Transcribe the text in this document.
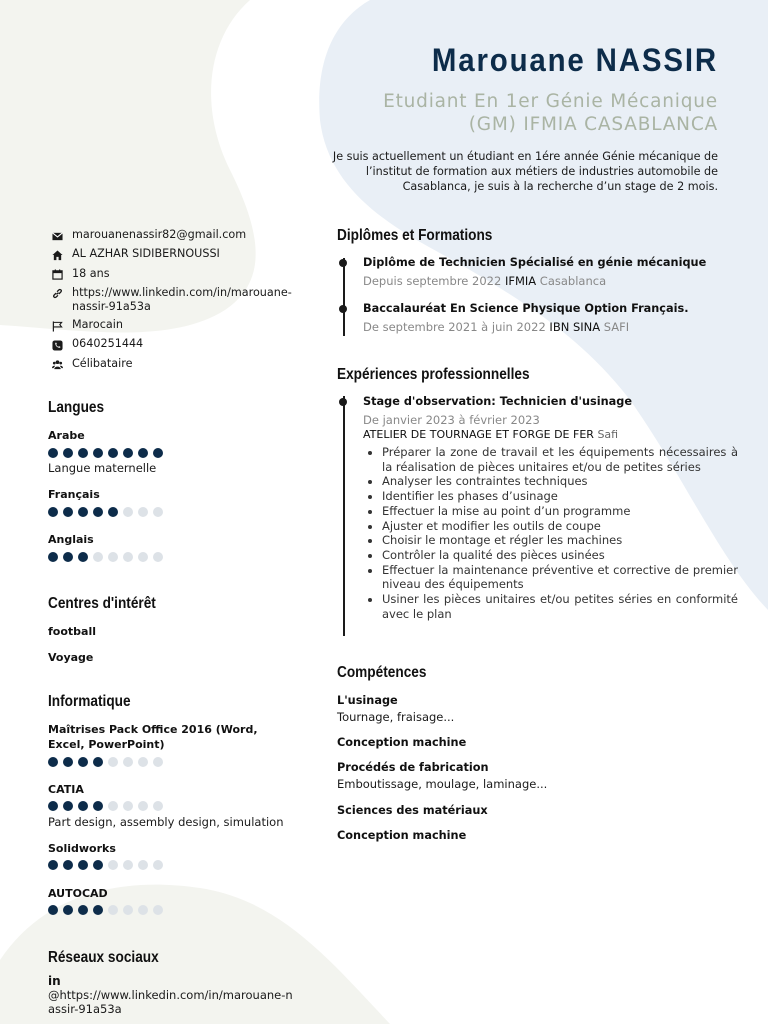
Marouane NASSIR
Etudiant En 1er Génie Mécanique
(GM) IFMIA CASABLANCA
Je suis actuellement un étudiant en 1ére année Génie mécanique de l’institut de formation aux métiers de industries automobile de Casablanca, je suis à la recherche d’un stage de 2 mois.
marouanenassir82@gmail.com
AL AZHAR SIDIBERNOUSSI
18 ans
https://www.linkedin.com/in/marouane-nassir-91a53a
Marocain
0640251444
Célibataire
Langues
Arabe
Langue maternelle
Français
Anglais
Centres d'intérêt
football
Voyage
Informatique
Maîtrises Pack Office 2016 (Word, Excel, PowerPoint)
CATIA
Part design, assembly design, simulation
Solidworks
AUTOCAD
Réseaux sociaux
in
@https://www.linkedin.com/in/marouane-nassir-91a53a
Diplômes et Formations
Diplôme de Technicien Spécialisé en génie mécanique
Depuis septembre 2022 IFMIA Casablanca
Baccalauréat En Science Physique Option Français.
De septembre 2021 à juin 2022 IBN SINA SAFI
Expériences professionnelles
Stage d'observation: Technicien d'usinage
De janvier 2023 à février 2023
ATELIER DE TOURNAGE ET FORGE DE FER Safi
• Préparer la zone de travail et les équipements nécessaires à la réalisation de pièces unitaires et/ou de petites séries
• Analyser les contraintes techniques
• Identifier les phases d’usinage
• Effectuer la mise au point d’un programme
• Ajuster et modifier les outils de coupe
• Choisir le montage et régler les machines
• Contrôler la qualité des pièces usinées
• Effectuer la maintenance préventive et corrective de premier niveau des équipements
• Usiner les pièces unitaires et/ou petites séries en conformité avec le plan
Compétences
L'usinage
Tournage, fraisage...
Conception machine
Procédés de fabrication
Emboutissage, moulage, laminage...
Sciences des matériaux
Conception machine
